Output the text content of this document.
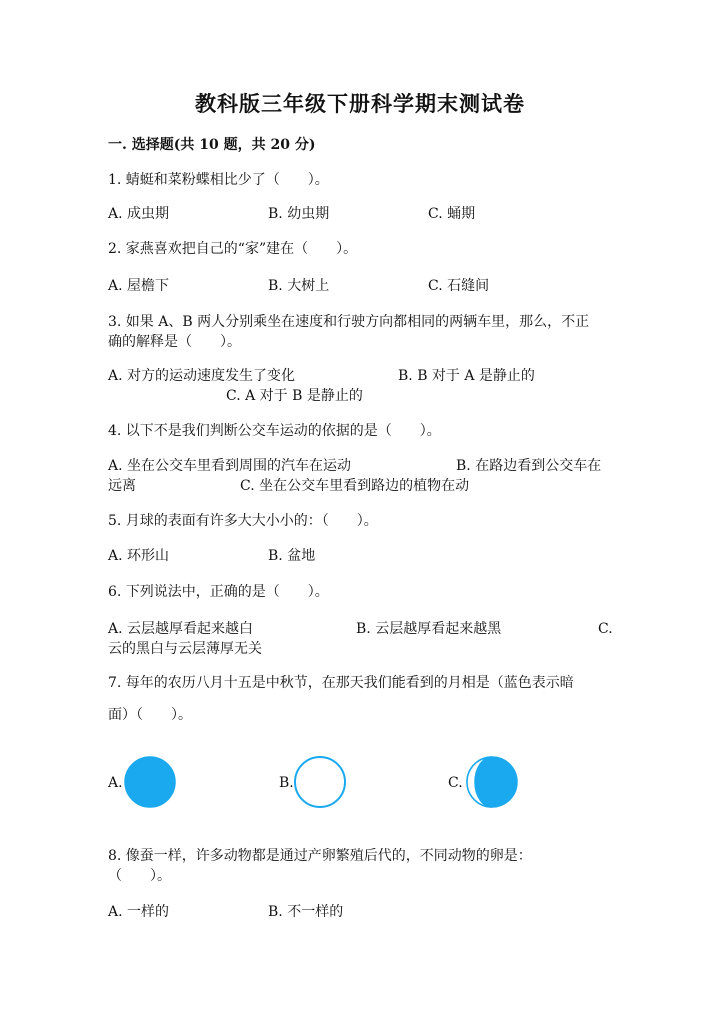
教科版三年级下册科学期末测试卷
一. 选择题(共 10 题，共 20 分)
1. 蜻蜓和菜粉蝶相比少了（　　）。
A. 成虫期	B. 幼虫期	C. 蛹期
2. 家燕喜欢把自己的“家”建在（　　）。
A. 屋檐下	B. 大树上	C. 石缝间
3. 如果 A、B 两人分别乘坐在速度和行驶方向都相同的两辆车里，那么，不正
确的解释是（　　）。
A. 对方的运动速度发生了变化	B. B 对于 A 是静止的
C. A 对于 B 是静止的
4. 以下不是我们判断公交车运动的依据的是（　　）。
A. 坐在公交车里看到周围的汽车在运动	B. 在路边看到公交车在
远离	C. 坐在公交车里看到路边的植物在动
5. 月球的表面有许多大大小小的：（　　）。
A. 环形山	B. 盆地
6. 下列说法中，正确的是（　　）。
A. 云层越厚看起来越白	B. 云层越厚看起来越黑	C.
云的黑白与云层薄厚无关
7. 每年的农历八月十五是中秋节，在那天我们能看到的月相是（蓝色表示暗
面）（　　）。
A.	B.	C.
8. 像蚕一样，许多动物都是通过产卵繁殖后代的，不同动物的卵是：
（　　）。
A. 一样的	B. 不一样的
